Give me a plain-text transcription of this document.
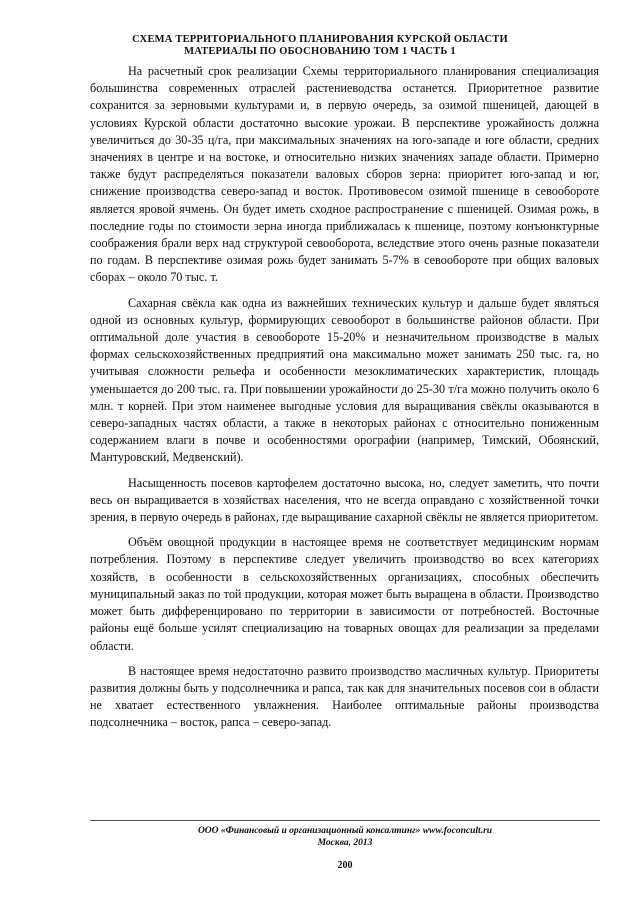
СХЕМА ТЕРРИТОРИАЛЬНОГО ПЛАНИРОВАНИЯ КУРСКОЙ ОБЛАСТИ
МАТЕРИАЛЫ ПО ОБОСНОВАНИЮ ТОМ 1 ЧАСТЬ 1

На расчетный срок реализации Схемы территориального планирования специализация большинства современных отраслей растениеводства останется. Приоритетное развитие сохранится за зерновыми культурами и, в первую очередь, за озимой пшеницей, дающей в условиях Курской области достаточно высокие урожаи. В перспективе урожайность должна увеличиться до 30-35 ц/га, при максимальных значениях на юго-западе и юге области, средних значениях в центре и на востоке, и относительно низких значениях западе области. Примерно также будут распределяться показатели валовых сборов зерна: приоритет юго-запад и юг, снижение производства северо-запад и восток. Противовесом озимой пшенице в севообороте является яровой ячмень. Он будет иметь сходное распространение с пшеницей. Озимая рожь, в последние годы по стоимости зерна иногда приближалась к пшенице, поэтому конъюнктурные соображения брали верх над структурой севооборота, вследствие этого очень разные показатели по годам. В перспективе озимая рожь будет занимать 5-7% в севообороте при общих валовых сборах – около 70 тыс. т.

Сахарная свёкла как одна из важнейших технических культур и дальше будет являться одной из основных культур, формирующих севооборот в большинстве районов области. При оптимальной доле участия в севообороте 15-20% и незначительном производстве в малых формах сельскохозяйственных предприятий она максимально может занимать 250 тыс. га, но учитывая сложности рельефа и особенности мезоклиматических характеристик, площадь уменьшается до 200 тыс. га. При повышении урожайности до 25-30 т/га можно получить около 6 млн. т корней. При этом наименее выгодные условия для выращивания свёклы оказываются в северо-западных частях области, а также в некоторых районах с относительно пониженным содержанием влаги в почве и особенностями орографии (например, Тимский, Обоянский, Мантуровский, Медвенский).

Насыщенность посевов картофелем достаточно высока, но, следует заметить, что почти весь он выращивается в хозяйствах населения, что не всегда оправдано с хозяйственной точки зрения, в первую очередь в районах, где выращивание сахарной свёклы не является приоритетом.

Объём овощной продукции в настоящее время не соответствует медицинским нормам потребления. Поэтому в перспективе следует увеличить производство во всех категориях хозяйств, в особенности в сельскохозяйственных организациях, способных обеспечить муниципальный заказ по той продукции, которая может быть выращена в области. Производство может быть дифференцировано по территории в зависимости от потребностей. Восточные районы ещё больше усилят специализацию на товарных овощах для реализации за пределами области.

В настоящее время недостаточно развито производство масличных культур. Приоритеты развития должны быть у подсолнечника и рапса, так как для значительных посевов сои в области не хватает естественного увлажнения. Наиболее оптимальные районы производства подсолнечника – восток, рапса – северо-запад.

ООО «Финансовый и организационный консалтинг» www.foconcult.ru
Москва, 2013
200
